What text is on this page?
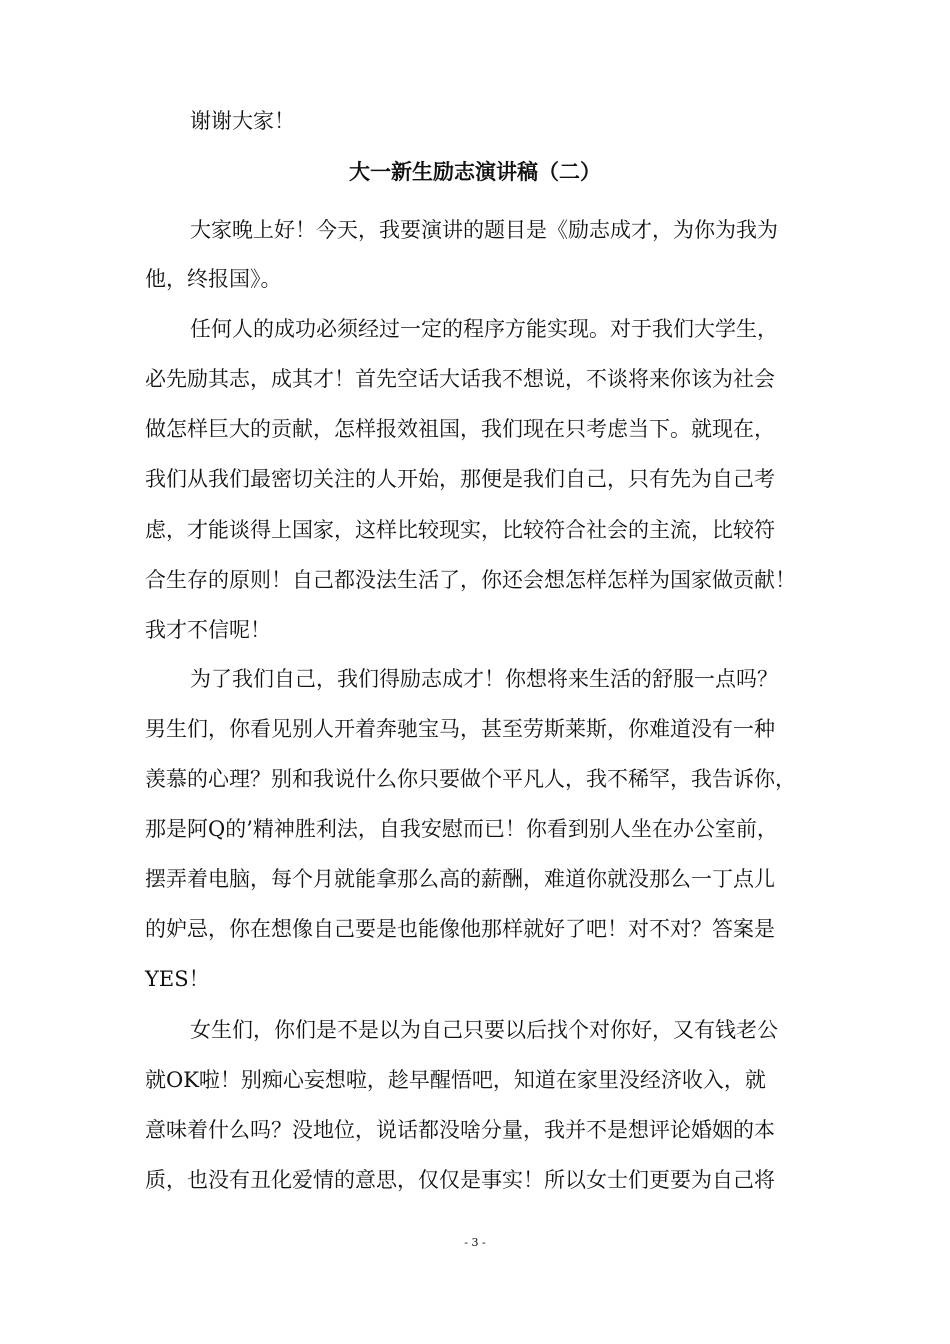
谢谢大家！
大一新生励志演讲稿（二）
大家晚上好！今天，我要演讲的题目是《励志成才，为你为我为
他，终报国》。
任何人的成功必须经过一定的程序方能实现。对于我们大学生，
必先励其志，成其才！首先空话大话我不想说，不谈将来你该为社会
做怎样巨大的贡献，怎样报效祖国，我们现在只考虑当下。就现在，
我们从我们最密切关注的人开始，那便是我们自己，只有先为自己考
虑，才能谈得上国家，这样比较现实，比较符合社会的主流，比较符
合生存的原则！自己都没法生活了，你还会想怎样怎样为国家做贡献！
我才不信呢！
为了我们自己，我们得励志成才！你想将来生活的舒服一点吗？
男生们，你看见别人开着奔驰宝马，甚至劳斯莱斯，你难道没有一种
羡慕的心理？别和我说什么你只要做个平凡人，我不稀罕，我告诉你，
那是阿Q的’精神胜利法，自我安慰而已！你看到别人坐在办公室前，
摆弄着电脑，每个月就能拿那么高的薪酬，难道你就没那么一丁点儿
的妒忌，你在想像自己要是也能像他那样就好了吧！对不对？答案是
YES！
女生们，你们是不是以为自己只要以后找个对你好，又有钱老公
就OK啦！别痴心妄想啦，趁早醒悟吧，知道在家里没经济收入，就
意味着什么吗？没地位，说话都没啥分量，我并不是想评论婚姻的本
质，也没有丑化爱情的意思，仅仅是事实！所以女士们更要为自己将
- 3 -
